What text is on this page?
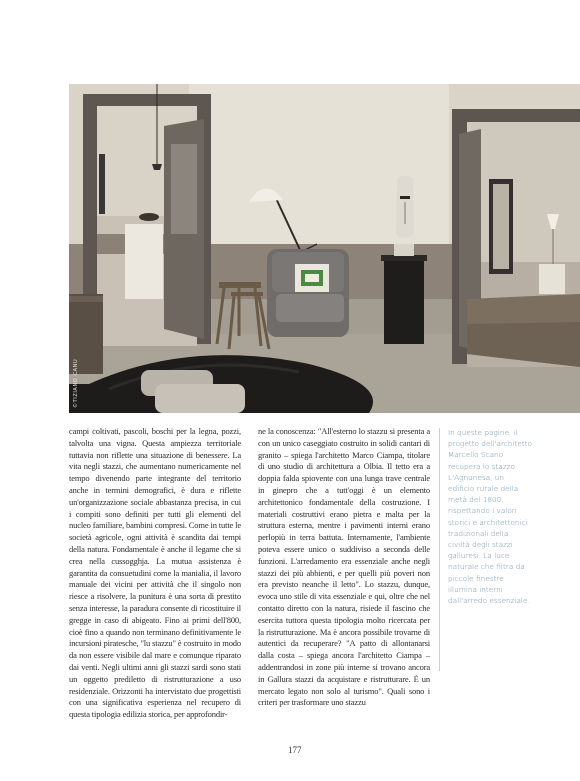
©TIZIANO CANU

campi coltivati, pascoli, boschi per la legna, pozzi, talvolta una vigna. Questa ampiezza territoriale tuttavia non riflette una situazione di benessere. La vita negli stazzi, che aumentano numericamente nel tempo divenendo parte integrante del territorio anche in termini demografici, è dura e riflette un'organizzazione sociale abbastanza precisa, in cui i compiti sono definiti per tutti gli elementi del nucleo familiare, bambini compresi. Come in tutte le società agricole, ogni attività è scandita dai tempi della natura. Fondamentale è anche il legame che si crea nella cussogghja. La mutua assistenza è garantita da consuetudini come la manialia, il lavoro manuale dei vicini per attività che il singolo non riesce a risolvere, la punitura è una sorta di prestito senza interesse, la paradura consente di ricostituire il gregge in caso di abigeato. Fino ai primi dell'800, cioè fino a quando non terminano definitivamente le incursioni piratesche, "lu stazzu" è costruito in modo da non essere visibile dal mare e comunque riparato dai venti. Negli ultimi anni gli stazzi sardi sono stati un oggetto prediletto di ristrutturazione a uso residenziale. Orizzonti ha intervistato due progettisti con una significativa esperienza nel recupero di questa tipologia edilizia storica, per approfondir-

ne la conoscenza: "All'esterno lo stazzu si presenta a con un unico caseggiato costruito in solidi cantari di granito – spiega l'architetto Marco Ciampa, titolare di uno studio di architettura a Olbia. Il tetto era a doppia falda spiovente con una lunga trave centrale in ginepro che a tutt'oggi è un elemento architettonico fondamentale della costruzione. I materiali costruttivi erano pietra e malta per la struttura esterna, mentre i pavimenti interni erano perlopiù in terra battuta. Internamente, l'ambiente poteva essere unico o suddiviso a seconda delle funzioni. L'arredamento era essenziale anche negli stazzi dei più abbienti, e per quelli più poveri non era previsto neanche il letto". Lo stazzu, dunque, evoca uno stile di vita essenziale e qui, oltre che nel contatto diretto con la natura, risiede il fascino che esercita tuttora questa tipologia molto ricercata per la ristrutturazione. Ma è ancora possibile trovarne di autentici da recuperare? "A patto di allontanarsi dalla costa – spiega ancora l'architetto Ciampa – addentrandosi in zone più interne si trovano ancora in Gallura stazzi da acquistare e ristrutturare. È un mercato legato non solo al turismo". Quali sono i criteri per trasformare uno stazzu

In queste pagine, il progetto dell'architetto Marcello Scano recupera lo stazzo L'Agnunesa, un edificio rurale della metà del 1800, rispettando i valori storici e architettonici tradizionali della civiltà degli stazzi galluresi. La luce naturale che filtra da piccole finestre illumina interni dall'arredo essenziale.

177
